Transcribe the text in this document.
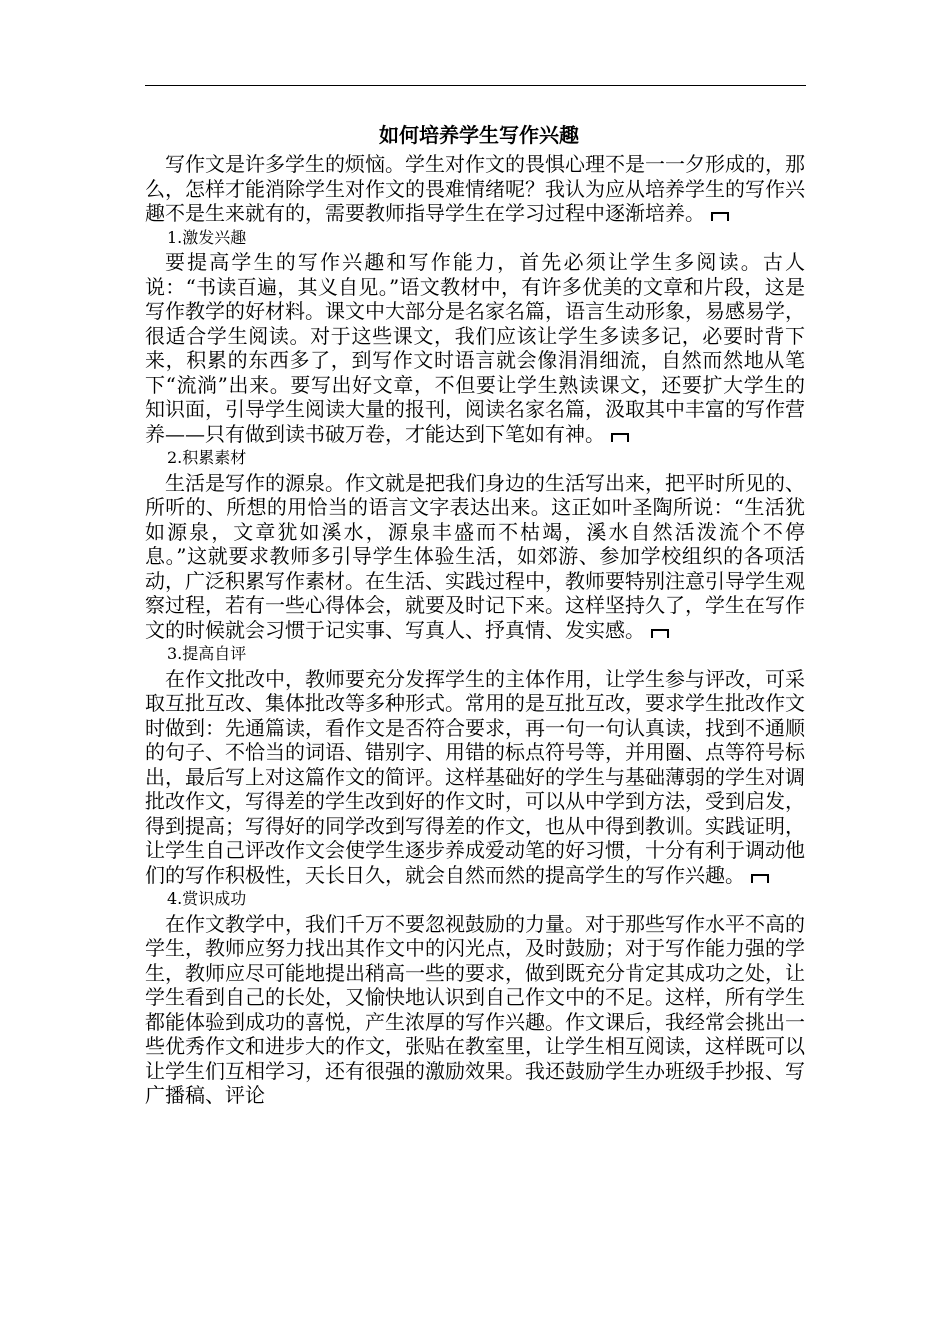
如何培养学生写作兴趣

写作文是许多学生的烦恼。学生对作文的畏惧心理不是一一夕形成的，那么，怎样才能消除学生对作文的畏难情绪呢？我认为应从培养学生的写作兴趣不是生来就有的，需要教师指导学生在学习过程中逐渐培养。

1.激发兴趣

要提高学生的写作兴趣和写作能力，首先必须让学生多阅读。古人说：“书读百遍，其义自见。”语文教材中，有许多优美的文章和片段，这是写作教学的好材料。课文中大部分是名家名篇，语言生动形象，易感易学，很适合学生阅读。对于这些课文，我们应该让学生多读多记，必要时背下来，积累的东西多了，到写作文时语言就会像涓涓细流，自然而然地从笔下“流淌”出来。要写出好文章，不但要让学生熟读课文，还要扩大学生的知识面，引导学生阅读大量的报刊，阅读名家名篇，汲取其中丰富的写作营养——只有做到读书破万卷，才能达到下笔如有神。

2.积累素材

生活是写作的源泉。作文就是把我们身边的生活写出来，把平时所见的、所听的、所想的用恰当的语言文字表达出来。这正如叶圣陶所说：“生活犹如源泉，文章犹如溪水，源泉丰盛而不枯竭，溪水自然活泼流个不停息。”这就要求教师多引导学生体验生活，如郊游、参加学校组织的各项活动，广泛积累写作素材。在生活、实践过程中，教师要特别注意引导学生观察过程，若有一些心得体会，就要及时记下来。这样坚持久了，学生在写作文的时候就会习惯于记实事、写真人、抒真情、发实感。

3.提高自评

在作文批改中，教师要充分发挥学生的主体作用，让学生参与评改，可采取互批互改、集体批改等多种形式。常用的是互批互改，要求学生批改作文时做到：先通篇读，看作文是否符合要求，再一句一句认真读，找到不通顺的句子、不恰当的词语、错别字、用错的标点符号等，并用圈、点等符号标出，最后写上对这篇作文的简评。这样基础好的学生与基础薄弱的学生对调批改作文，写得差的学生改到好的作文时，可以从中学到方法，受到启发，得到提高；写得好的同学改到写得差的作文，也从中得到教训。实践证明，让学生自己评改作文会使学生逐步养成爱动笔的好习惯，十分有利于调动他们的写作积极性，天长日久，就会自然而然的提高学生的写作兴趣。

4.赏识成功

在作文教学中，我们千万不要忽视鼓励的力量。对于那些写作水平不高的学生，教师应努力找出其作文中的闪光点，及时鼓励；对于写作能力强的学生，教师应尽可能地提出稍高一些的要求，做到既充分肯定其成功之处，让学生看到自己的长处，又愉快地认识到自己作文中的不足。这样，所有学生都能体验到成功的喜悦，产生浓厚的写作兴趣。作文课后，我经常会挑出一些优秀作文和进步大的作文，张贴在教室里，让学生相互阅读，这样既可以让学生们互相学习，还有很强的激励效果。我还鼓励学生办班级手抄报、写广播稿、评论
